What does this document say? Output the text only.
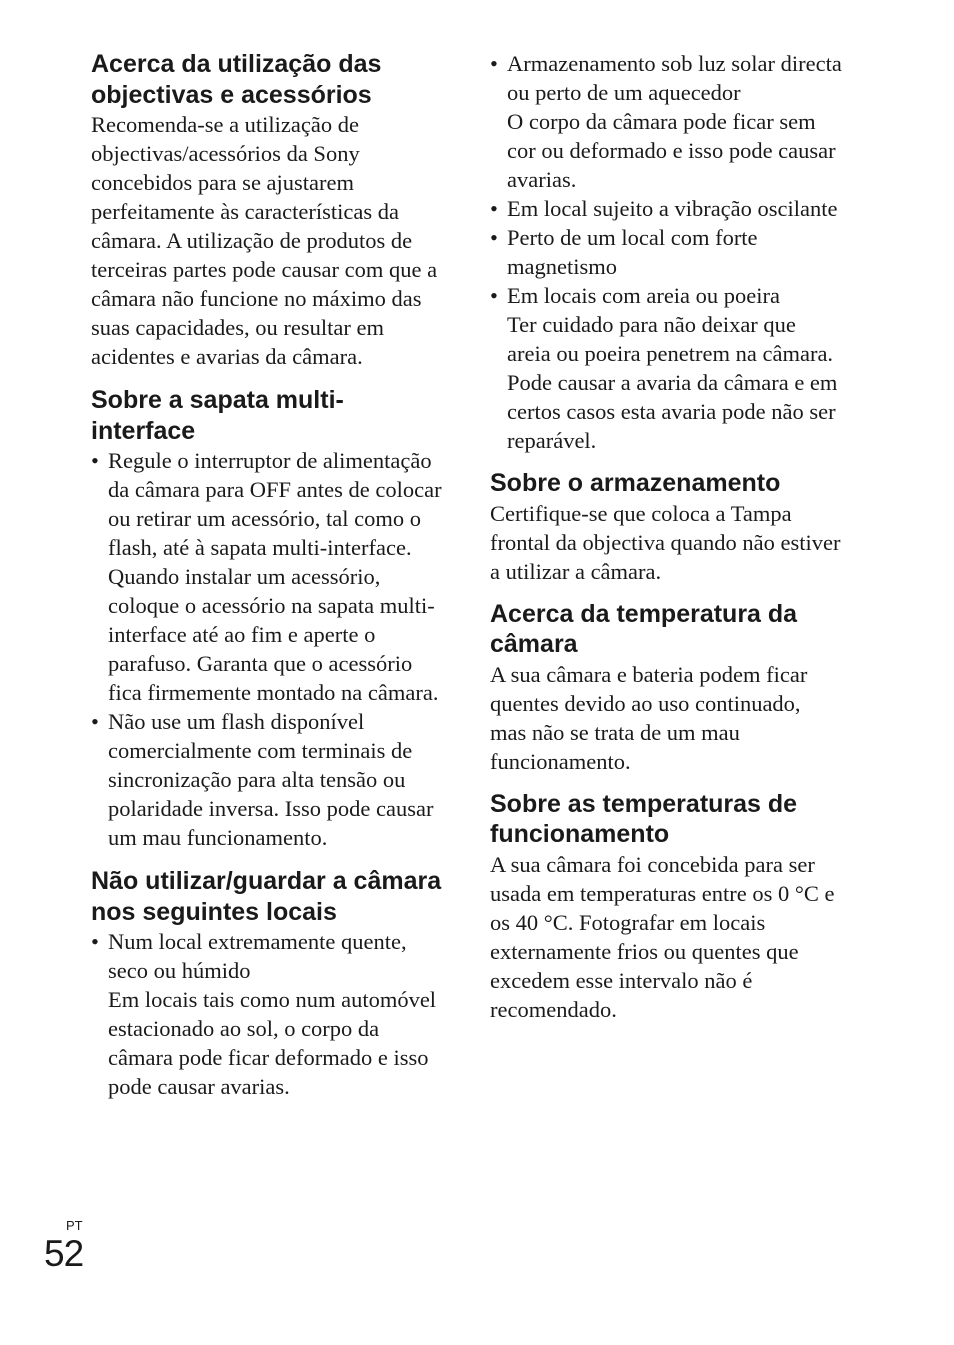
Acerca da utilização das objectivas e acessórios

Recomenda-se a utilização de objectivas/acessórios da Sony concebidos para se ajustarem perfeitamente às características da câmara. A utilização de produtos de terceiras partes pode causar com que a câmara não funcione no máximo das suas capacidades, ou resultar em acidentes e avarias da câmara.

Sobre a sapata multi-interface
• Regule o interruptor de alimentação da câmara para OFF antes de colocar ou retirar um acessório, tal como o flash, até à sapata multi-interface. Quando instalar um acessório, coloque o acessório na sapata multi-interface até ao fim e aperte o parafuso. Garanta que o acessório fica firmemente montado na câmara.
• Não use um flash disponível comercialmente com terminais de sincronização para alta tensão ou polaridade inversa. Isso pode causar um mau funcionamento.
Não utilizar/guardar a câmara nos seguintes locais
• Num local extremamente quente, seco ou húmido
Em locais tais como num automóvel estacionado ao sol, o corpo da câmara pode ficar deformado e isso pode causar avarias.
• Armazenamento sob luz solar directa ou perto de um aquecedor
O corpo da câmara pode ficar sem cor ou deformado e isso pode causar avarias.
• Em local sujeito a vibração oscilante
• Perto de um local com forte magnetismo
• Em locais com areia ou poeira
Ter cuidado para não deixar que areia ou poeira penetrem na câmara. Pode causar a avaria da câmara e em certos casos esta avaria pode não ser reparável.
Sobre o armazenamento

Certifique-se que coloca a Tampa frontal da objectiva quando não estiver a utilizar a câmara.

Acerca da temperatura da câmara

A sua câmara e bateria podem ficar quentes devido ao uso continuado, mas não se trata de um mau funcionamento.

Sobre as temperaturas de funcionamento

A sua câmara foi concebida para ser usada em temperaturas entre os 0 °C e os 40 °C. Fotografar em locais externamente frios ou quentes que excedem esse intervalo não é recomendado.

PT
52
